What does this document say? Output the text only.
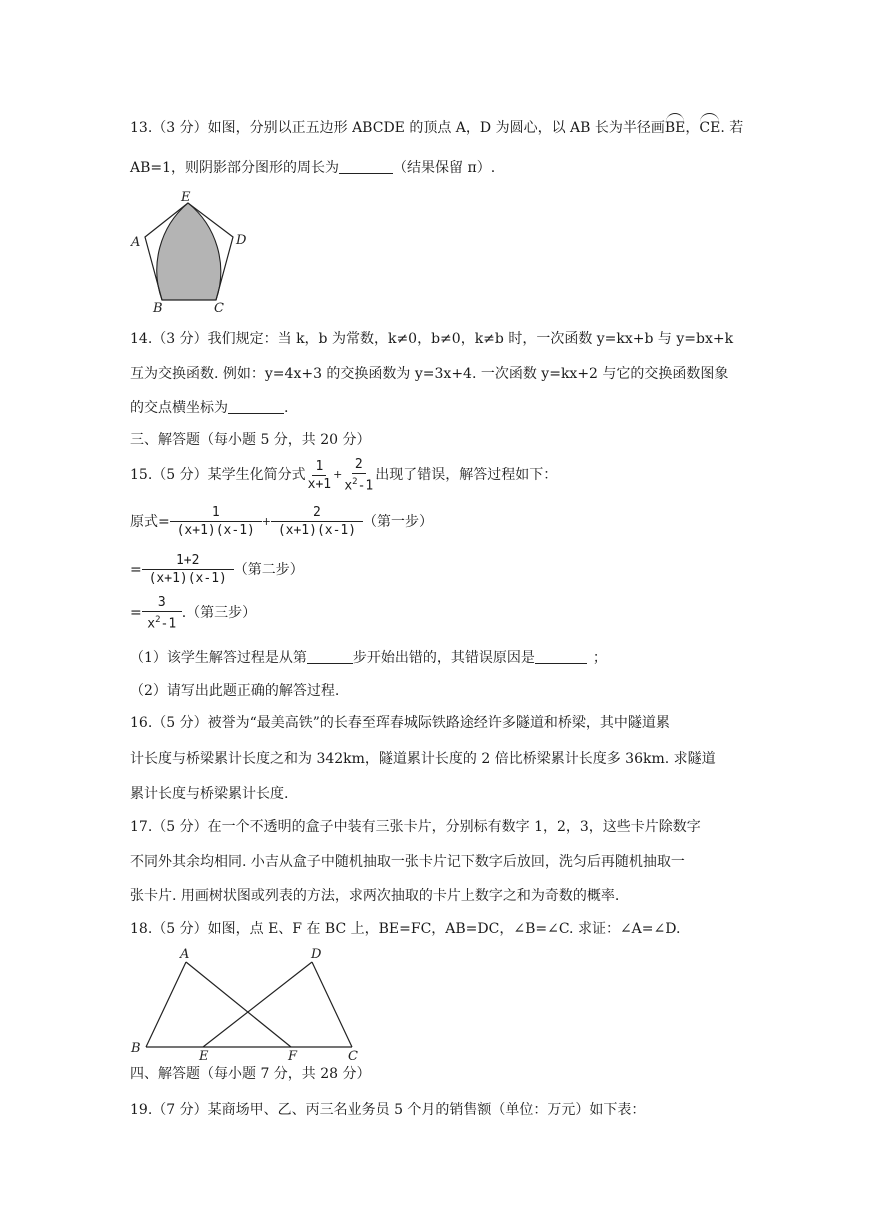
13.（3 分）如图，分别以正五边形 ABCDE 的顶点 A，D 为圆心，以 AB 长为半径画BE，CE. 若
AB=1，则阴影部分图形的周长为	（结果保留 π）.
E
A	D
B	C
14.（3 分）我们规定：当 k，b 为常数，k≠0，b≠0，k≠b 时，一次函数 y=kx+b 与 y=bx+k
互为交换函数. 例如：y=4x+3 的交换函数为 y=3x+4. 一次函数 y=kx+2 与它的交换函数图象
的交点横坐标为	.
三、解答题（每小题 5 分，共 20 分）
15.（5 分）某学生化简分式 $\frac{1}{x+1} + \frac{2}{x^2-1}$ 出现了错误，解答过程如下：
原式= $\frac{1}{(x+1)(x-1)} + \frac{2}{(x+1)(x-1)}$ （第一步）
= $\frac{1+2}{(x+1)(x-1)}$ （第二步）
= $\frac{3}{x^2-1}$ .（第三步）
（1）该学生解答过程是从第	步开始出错的，其错误原因是	；
（2）请写出此题正确的解答过程.
16.（5 分）被誉为“最美高铁”的长春至珲春城际铁路途经许多隧道和桥梁，其中隧道累
计长度与桥梁累计长度之和为 342km，隧道累计长度的 2 倍比桥梁累计长度多 36km. 求隧道
累计长度与桥梁累计长度.
17.（5 分）在一个不透明的盒子中装有三张卡片，分别标有数字 1，2，3，这些卡片除数字
不同外其余均相同. 小吉从盒子中随机抽取一张卡片记下数字后放回，洗匀后再随机抽取一
张卡片. 用画树状图或列表的方法，求两次抽取的卡片上数字之和为奇数的概率.
18.（5 分）如图，点 E、F 在 BC 上，BE=FC，AB=DC，∠B=∠C. 求证：∠A=∠D.
A	D
B
E	F	C
四、解答题（每小题 7 分，共 28 分）
19.（7 分）某商场甲、乙、丙三名业务员 5 个月的销售额（单位：万元）如下表：
